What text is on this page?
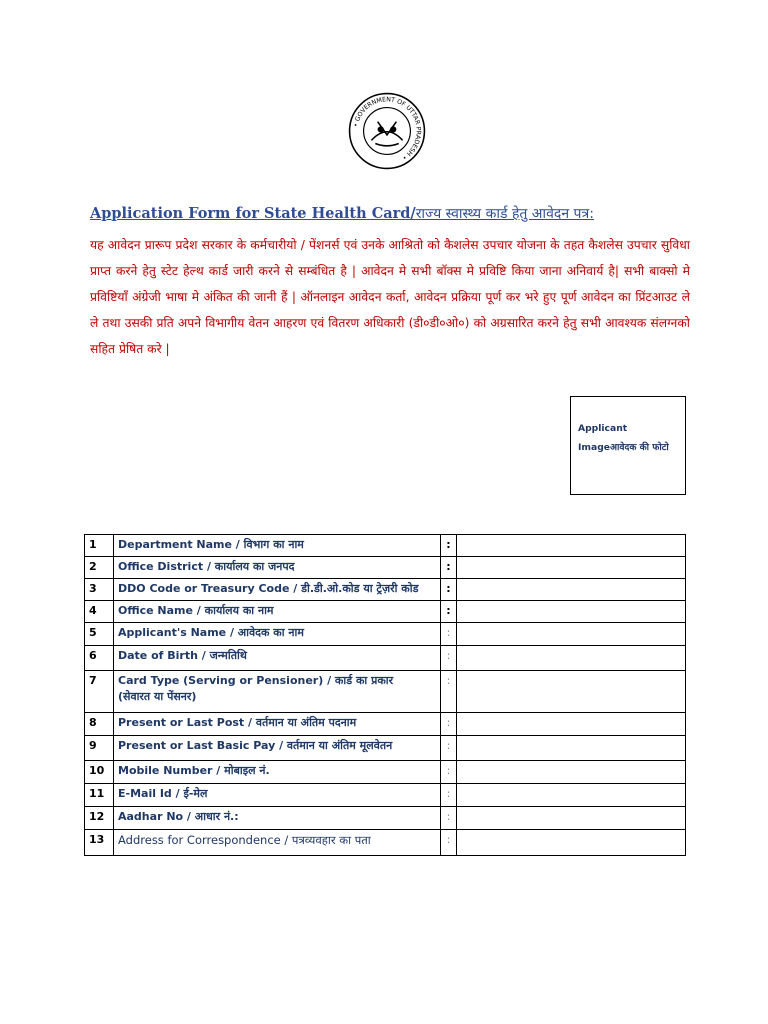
• GOVERNMENT OF UTTAR PRADESH •
Application Form for State Health Card/राज्य स्वास्थ्य कार्ड हेतु आवेदन पत्र:
यह आवेदन प्रारूप प्रदेश सरकार के कर्मचारीयो / पेंशनर्स एवं उनके आश्रितो को कैशलेस उपचार योजना के तहत कैशलेस उपचार सुविधा प्राप्त करने हेतु स्टेट हेल्थ कार्ड जारी करने से सम्बंधित है | आवेदन मे सभी बॉक्स मे प्रविष्टि किया जाना अनिवार्य है| सभी बाक्सो मे प्रविष्टियाँ अंग्रेजी भाषा मे अंकित की जानी हैं | ऑनलाइन आवेदन कर्ता, आवेदन प्रक्रिया पूर्ण कर भरे हुए पूर्ण आवेदन का प्रिंटआउट ले ले तथा उसकी प्रति अपने विभागीय वेतन आहरण एवं वितरण अधिकारी (डी०डी०ओ०) को अग्रसारित करने हेतु सभी आवश्यक संलग्नको सहित प्रेषित करे |
Applicant
Imageआवेदक की फोटो
1	Department Name / विभाग का नाम	:	
2	Office District / कार्यालय का जनपद	:	
3	DDO Code or Treasury Code / डी.डी.ओ.कोड या ट्रेज़री कोड	:	
4	Office Name / कार्यालय का नाम	:	
5	Applicant's Name / आवेदक का नाम	:	
6	Date of Birth / जन्मतिथि	:	
7	Card Type (Serving or Pensioner) / कार्ड का प्रकार
(सेवारत या पेंसनर)	:	
8	Present or Last Post / वर्तमान या अंतिम पदनाम	:	
9	Present or Last Basic Pay / वर्तमान या अंतिम मूलवेतन	:	
10	Mobile Number / मोबाइल नं.	:	
11	E-Mail Id / ई-मेल	:	
12	Aadhar No / आधार नं.:	:	
13	Address for Correspondence / पत्रव्यवहार का पता	:	
